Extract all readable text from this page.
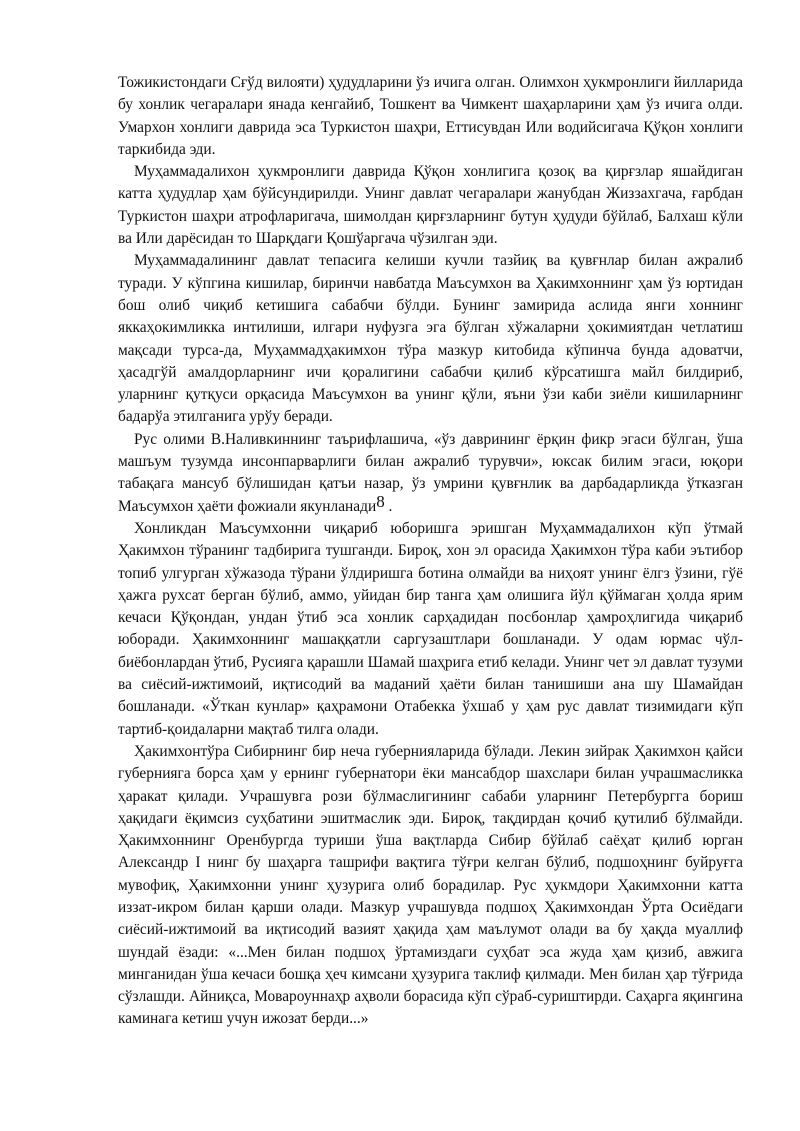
Тожикистондаги Сғўд вилояти) ҳудудларини ўз ичига олган. Олимхон ҳукмронлиги йилларида бу хонлик чегаралари янада кенгайиб, Тошкент ва Чимкент шаҳарларини ҳам ўз ичига олди. Умархон хонлиги даврида эса Туркистон шаҳри, Еттисувдан Или водийсигача Қўқон хонлиги таркибида эди.

Муҳаммадалихон ҳукмронлиги даврида Қўқон хонлигига қозоқ ва қирғзлар яшайдиган катта ҳудудлар ҳам бўйсундирилди. Унинг давлат чегаралари жанубдан Жиззахгача, ғарбдан Туркистон шаҳри атрофларигача, шимолдан қирғзларнинг бутун ҳудуди бўйлаб, Балхаш кўли ва Или дарёсидан то Шарқдаги Қошўаргача чўзилган эди.

Муҳаммадалининг давлат тепасига келиши кучли тазйиқ ва қувғнлар билан ажралиб туради. У кўпгина кишилар, биринчи навбатда Маъсумхон ва Ҳакимхоннинг ҳам ўз юртидан бош олиб чиқиб кетишига сабабчи бўлди. Бунинг замирида аслида янги хоннинг яккаҳокимликка интилиши, илгари нуфузга эга бўлган хўжаларни ҳокимиятдан четлатиш мақсади турса-да, Муҳаммадҳакимхон тўра мазкур китобида кўпинча бунда адоватчи, ҳасадгўй амалдорларнинг ичи қоралигини сабабчи қилиб кўрсатишга майл билдириб, уларнинг қутқуси орқасида Маъсумхон ва унинг қўли, яъни ўзи каби зиёли кишиларнинг бадарўа этилганига урўу беради.

Рус олими В.Наливкиннинг таърифлашича, «ўз даврининг ёрқин фикр эгаси бўлган, ўша машъум тузумда инсонпарварлиги билан ажралиб турувчи», юксак билим эгаси, юқори табақага мансуб бўлишидан қатъи назар, ўз умрини қувғнлик ва дарбадарликда ўтказган Маъсумхон ҳаёти фожиали якунланади8 .

Хонликдан Маъсумхонни чиқариб юборишга эришган Муҳаммадалихон кўп ўтмай Ҳакимхон тўранинг тадбирига тушганди. Бироқ, хон эл орасида Ҳакимхон тўра каби эътибор топиб улгурган хўжазода тўрани ўлдиришга ботина олмайди ва ниҳоят унинг ёлгз ўзини, гўё ҳажга рухсат берган бўлиб, аммо, уйидан бир танга ҳам олишига йўл қўймаган ҳолда ярим кечаси Қўқондан, ундан ўтиб эса хонлик сарҳадидан посбонлар ҳамроҳлигида чиқариб юборади. Ҳакимхоннинг машаққатли саргузаштлари бошланади. У одам юрмас чўл-биёбонлардан ўтиб, Русияга қарашли Шамай шаҳрига етиб келади. Унинг чет эл давлат тузуми ва сиёсий-ижтимоий, иқтисодий ва маданий ҳаёти билан танишиши ана шу Шамайдан бошланади. «Ўткан кунлар» қаҳрамони Отабекка ўхшаб у ҳам рус давлат тизимидаги кўп тартиб-қоидаларни мақтаб тилга олади.

Ҳакимхонтўра Сибирнинг бир неча губернияларида бўлади. Лекин зийрак Ҳакимхон қайси губернияга борса ҳам у ернинг губернатори ёки мансабдор шахслари билан учрашмасликка ҳаракат қилади. Учрашувга рози бўлмаслигининг сабаби уларнинг Петербургга бориш ҳақидаги ёқимсиз суҳбатини эшитмаслик эди. Бироқ, тақдирдан қочиб қутилиб бўлмайди. Ҳакимхоннинг Оренбургда туриши ўша вақтларда Сибир бўйлаб саёҳат қилиб юрган Александр I нинг бу шаҳарга ташрифи вақтига тўғри келган бўлиб, подшоҳнинг буйруғга мувофиқ, Ҳакимхонни унинг ҳузурига олиб борадилар. Рус ҳукмдори Ҳакимхонни катта иззат-икром билан қарши олади. Мазкур учрашувда подшоҳ Ҳакимхондан Ўрта Осиёдаги сиёсий-ижтимоий ва иқтисодий вазият ҳақида ҳам маълумот олади ва бу ҳақда муаллиф шундай ёзади: «...Мен билан подшоҳ ўртамиздаги суҳбат эса жуда ҳам қизиб, авжига минганидан ўша кечаси бошқа ҳеч кимсани ҳузурига таклиф қилмади. Мен билан ҳар тўғрида сўзлашди. Айниқса, Мовароуннаҳр аҳволи борасида кўп сўраб-суриштирди. Саҳарга яқингина каминага кетиш учун ижозат берди...»
